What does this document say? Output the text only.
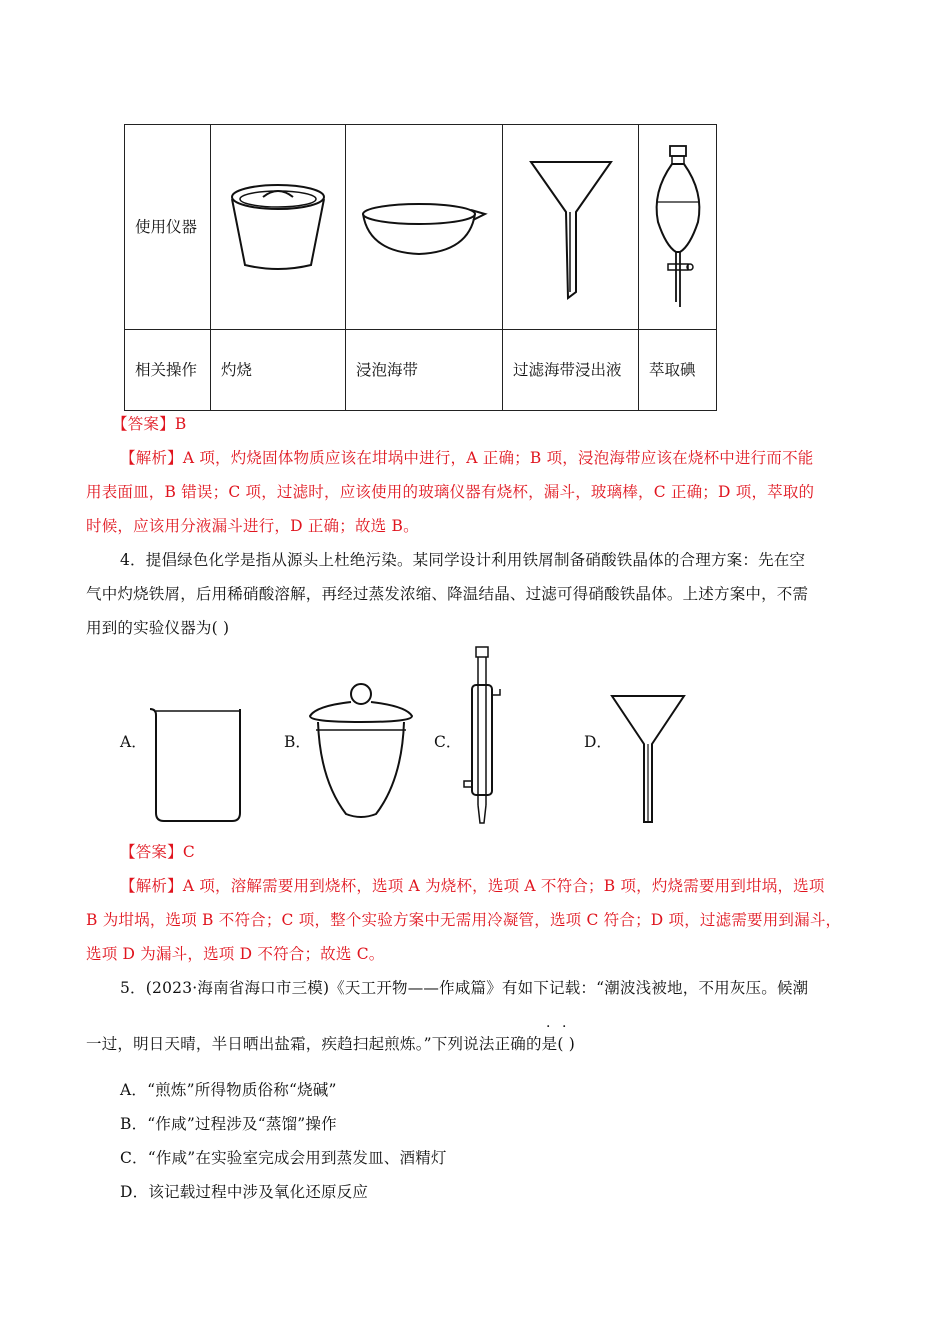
使用仪器	

相关操作	灼烧	浸泡海带	过滤海带浸出液	萃取碘
【答案】B
【解析】A 项，灼烧固体物质应该在坩埚中进行，A 正确；B 项，浸泡海带应该在烧杯中进行而不能
用表面皿，B 错误；C 项，过滤时，应该使用的玻璃仪器有烧杯，漏斗，玻璃棒，C 正确；D 项，萃取的
时候，应该用分液漏斗进行，D 正确；故选 B。
4．提倡绿色化学是指从源头上杜绝污染。某同学设计利用铁屑制备硝酸铁晶体的合理方案：先在空
气中灼烧铁屑，后用稀硝酸溶解，再经过蒸发浓缩、降温结晶、过滤可得硝酸铁晶体。上述方案中，不需
用到的实验仪器为( )
A．	B．	C．	D．
【答案】C
【解析】A 项，溶解需要用到烧杯，选项 A 为烧杯，选项 A 不符合；B 项，灼烧需要用到坩埚，选项
B 为坩埚，选项 B 不符合；C 项，整个实验方案中无需用冷凝管，选项 C 符合；D 项，过滤需要用到漏斗，
选项 D 为漏斗，选项 D 不符合；故选 C。
5．(2023·海南省海口市三模)《天工开物——作咸篇》有如下记载：“潮波浅被地，不用灰压。候潮
· ·
一过，明日天晴，半日晒出盐霜，疾趋扫起煎炼。”下列说法正确的是( )
A．“煎炼”所得物质俗称“烧碱”
B．“作咸”过程涉及“蒸馏”操作
C．“作咸”在实验室完成会用到蒸发皿、酒精灯
D．该记载过程中涉及氧化还原反应
